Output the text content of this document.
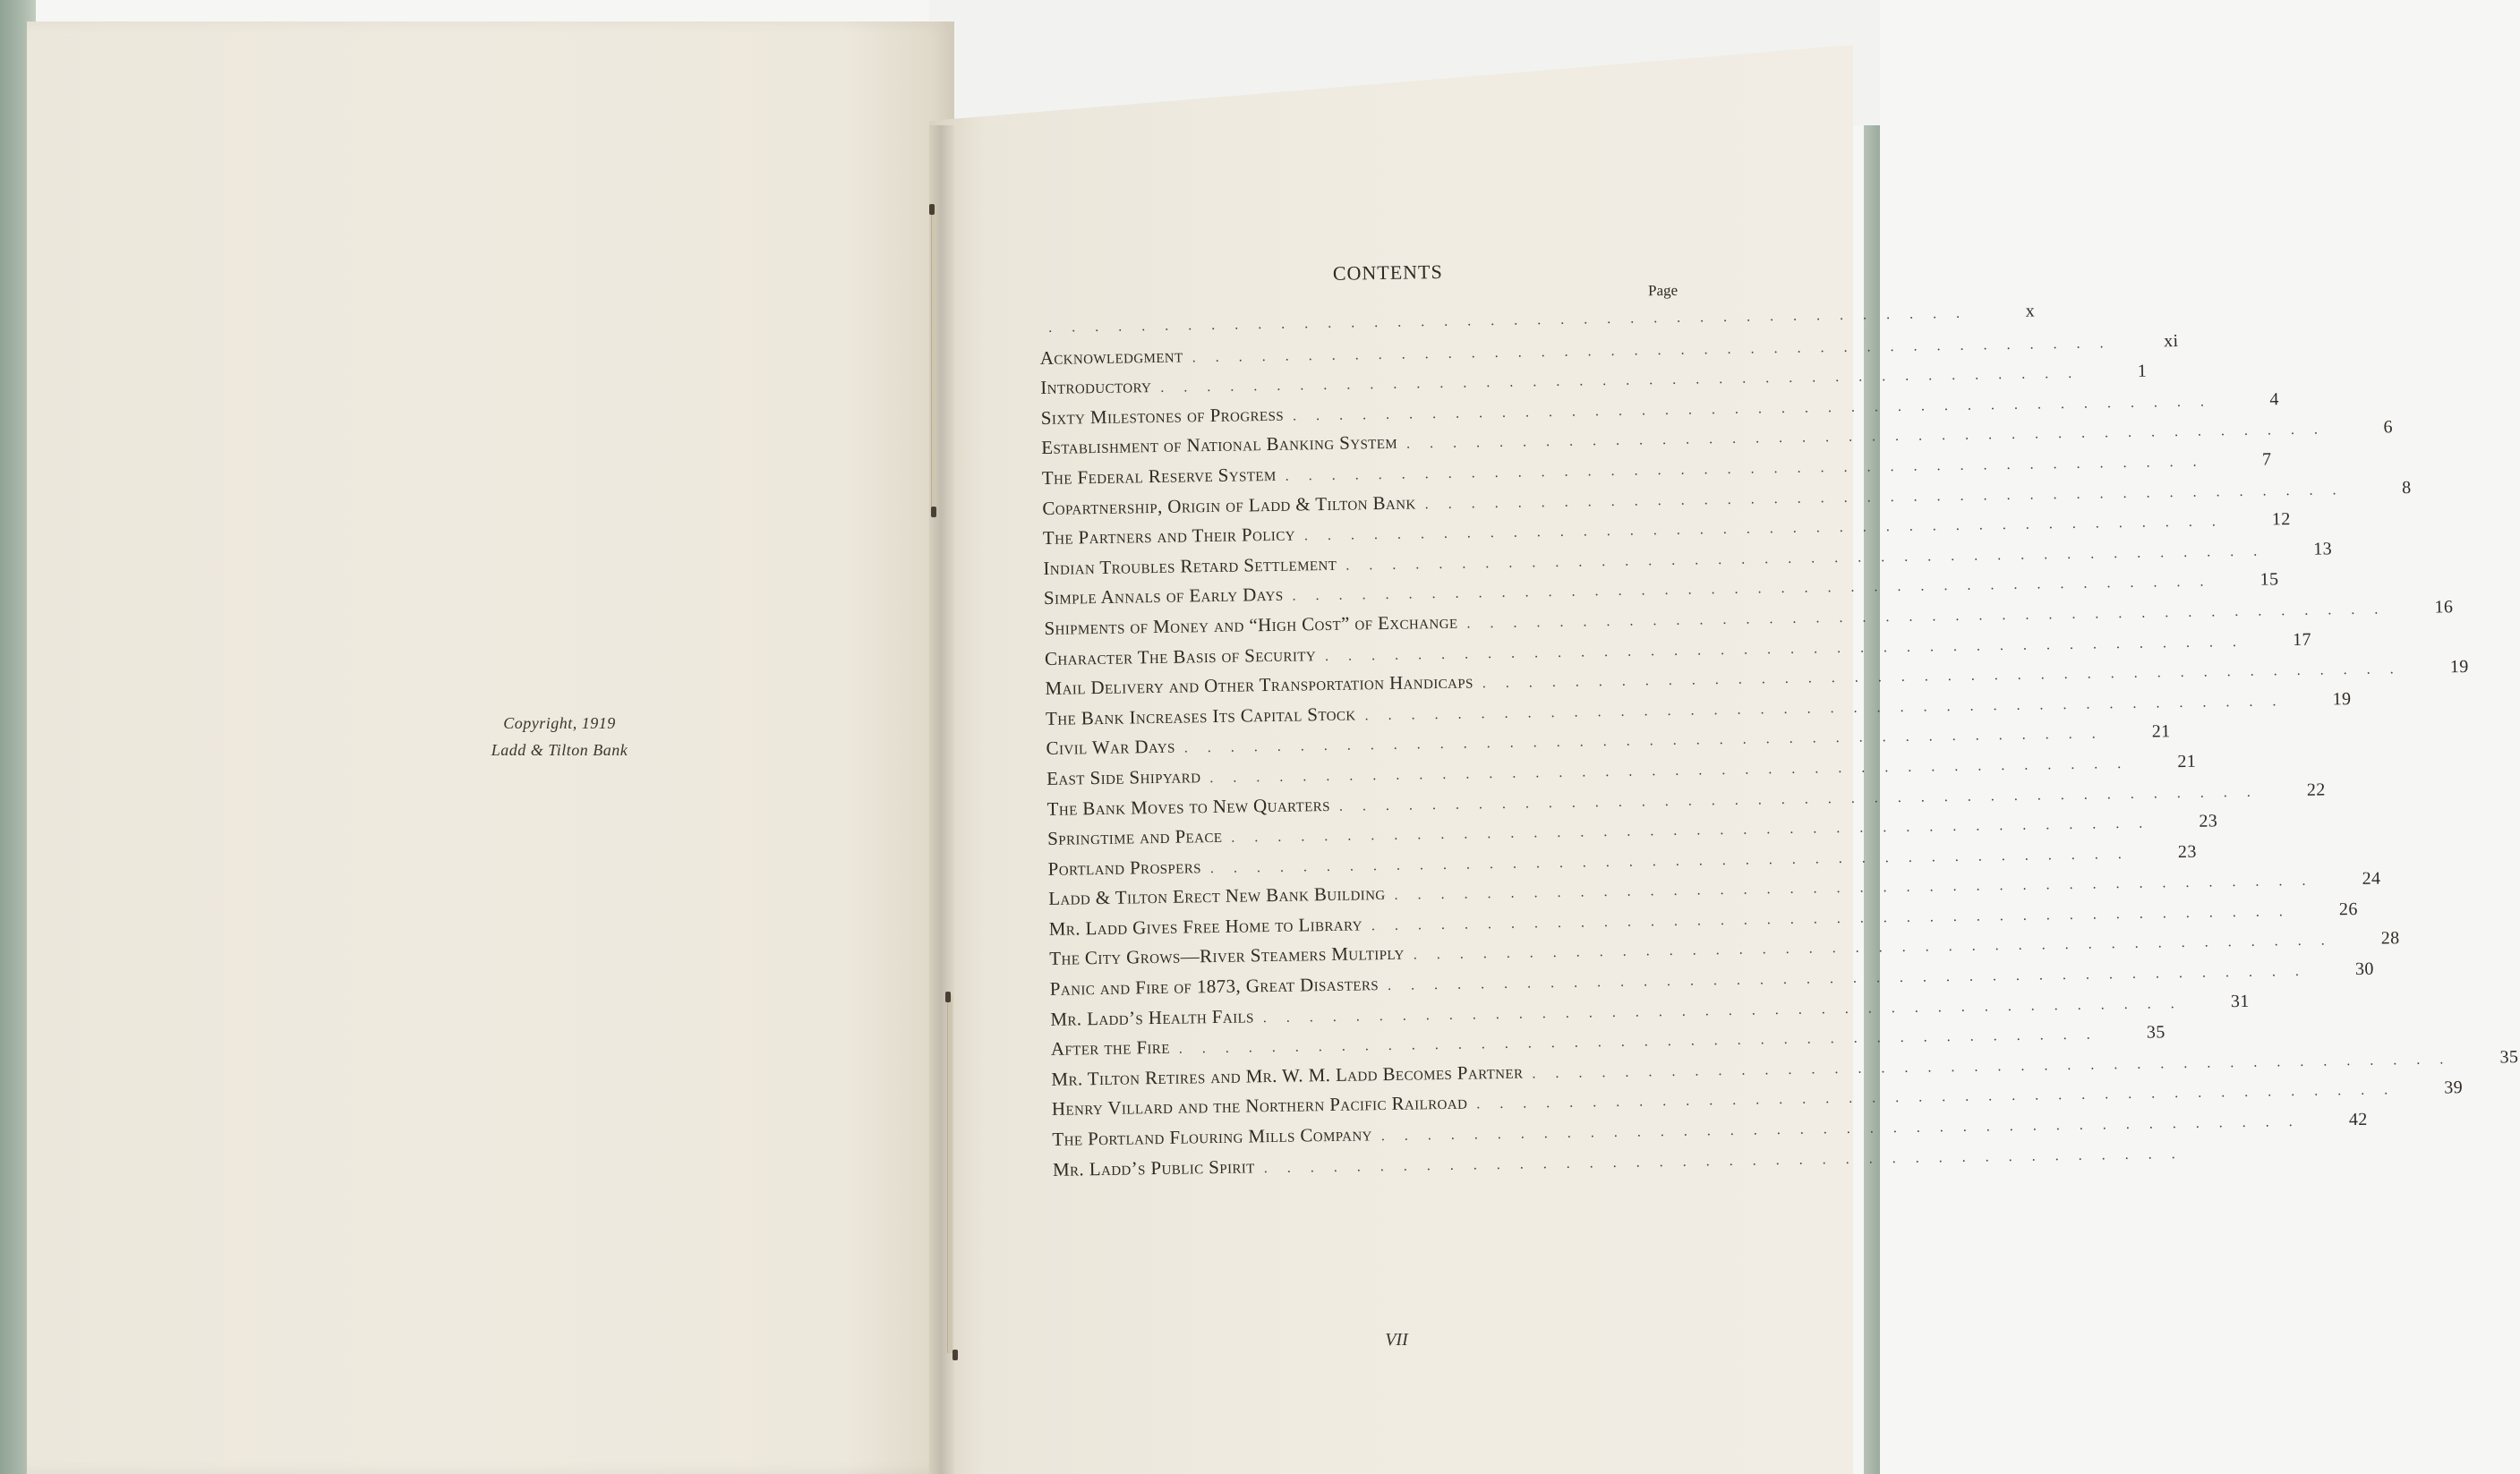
Copyright, 1919
Ladd & Tilton Bank
CONTENTS
Page
........................................	x
Acknowledgment ........................................	xi
Introductory ........................................	1
Sixty Milestones of Progress ........................................	4
Establishment of National Banking System ........................................	6
The Federal Reserve System ........................................	7
Copartnership, Origin of Ladd & Tilton Bank ........................................	8
The Partners and Their Policy ........................................	12
Indian Troubles Retard Settlement ........................................	13
Simple Annals of Early Days ........................................	15
Shipments of Money and “High Cost” of Exchange ........................................	16
Character The Basis of Security ........................................	17
Mail Delivery and Other Transportation Handicaps ........................................	19
The Bank Increases Its Capital Stock ........................................	19
Civil War Days ........................................	21
East Side Shipyard ........................................	21
The Bank Moves to New Quarters ........................................	22
Springtime and Peace ........................................	23
Portland Prospers ........................................	23
Ladd & Tilton Erect New Bank Building ........................................	24
Mr. Ladd Gives Free Home to Library ........................................	26
The City Grows—River Steamers Multiply ........................................	28
Panic and Fire of 1873, Great Disasters ........................................	30
Mr. Ladd’s Health Fails ........................................	31
After the Fire ........................................	35
Mr. Tilton Retires and Mr. W. M. Ladd Becomes Partner ........................................	35
Henry Villard and the Northern Pacific Railroad ........................................	39
The Portland Flouring Mills Company ........................................	42
Mr. Ladd’s Public Spirit ........................................
VII
